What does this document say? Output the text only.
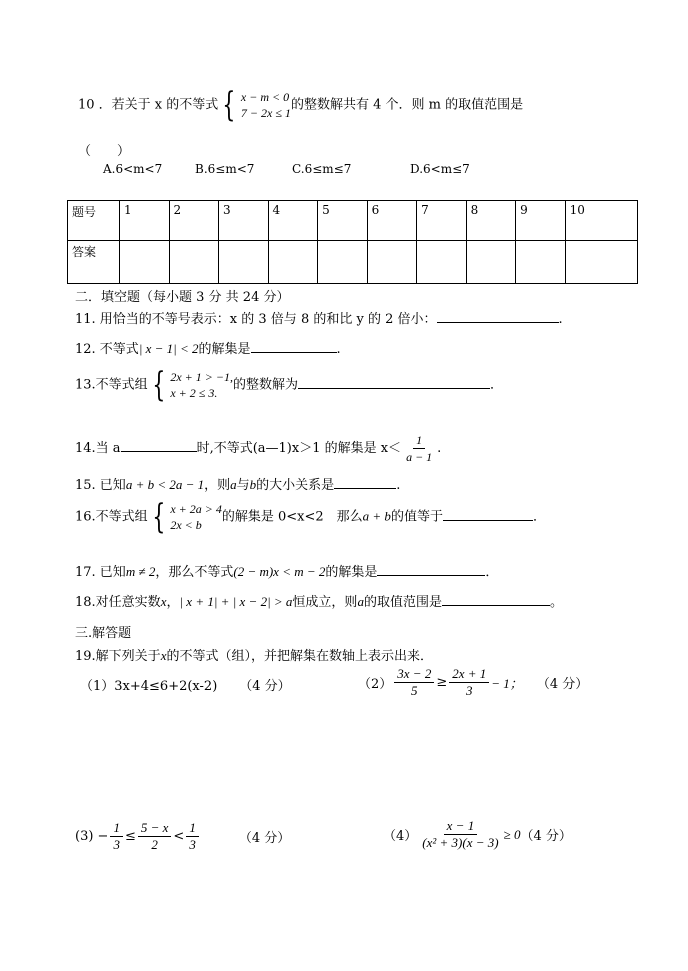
10 ．若关于 x 的不等式 { x − m < 0
7 − 2x ≤ 1
的整数解共有 4 个．则 m 的取值范围是
（　　）
A.6<m<7	B.6≤m<7	C.6≤m≤7	D.6<m≤7
题号	1	2	3	4	5	6	7	8	9	10
答案										
二．填空题（每小题 3 分 共 24 分）
11. 用恰当的不等号表示：x 的 3 倍与 8 的和比 y 的 2 倍小：	.
12. 不等式| x − 1| < 2的解集是	.
13.不等式组 { 2x + 1 > −1,
x + 2 ≤ 3.
的整数解为	．
14.当 a	时,不等式(a—1)x＞1 的解集是 $x< \frac{1}{a - 1}$ .
15. 已知a + b < 2a − 1，则a与b的大小关系是	.
16.不等式组 { x + 2a > 4
2x < b
的解集是 0<x<2　那么a + b的值等于	．
17. 已知m ≠ 2，那么不等式(2 − m)x < m − 2的解集是	．
18.对任意实数x，| x + 1| + | x − 2| > a恒成立，则a的取值范围是	。
三.解答题
19.解下列关于x的不等式（组），并把解集在数轴上表示出来．
（1）3x+4≤6+2(x-2) （4 分）	$(2) \frac{3x - 2}{5} \ge \frac{2x + 1}{3} - 1$； （4 分）
$(3) - \frac{1}{3} \le \frac{5 - x}{2} < \frac{1}{3}$	（4 分）	$(4) \frac{x - 1}{\text{(x² + 3)(x − 3)}} \ge 0$ （4 分）
